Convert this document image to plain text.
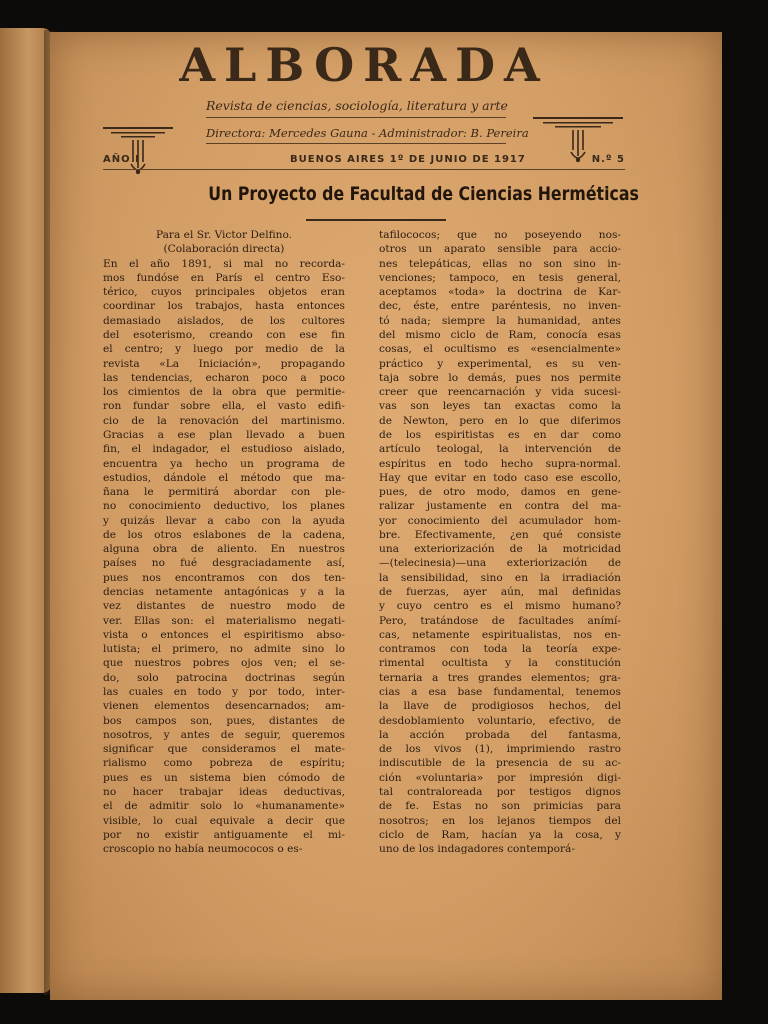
ALBORADA
Revista de ciencias, sociología, literatura y arte
Directora: Mercedes Gauna - Administrador: B. Pereira
AÑO I	BUENOS AIRES 1º DE JUNIO DE 1917	N.º 5
Un Proyecto de Facultad de Ciencias Herméticas
Para el Sr. Victor Delfino.
(Colaboración directa)
En el año 1891, si mal no recorda-
mos fundóse en París el centro Eso-
térico, cuyos principales objetos eran
coordinar los trabajos, hasta entonces
demasiado aislados, de los cultores
del esoterismo, creando con ese fin
el centro; y luego por medio de la
revista «La Iniciación», propagando
las tendencias, echaron poco a poco
los cimientos de la obra que permitie-
ron fundar sobre ella, el vasto edifi-
cio de la renovación del martinismo.
Gracias a ese plan llevado a buen
fin, el indagador, el estudioso aislado,
encuentra ya hecho un programa de
estudios, dándole el método que ma-
ñana le permitirá abordar con ple-
no conocimiento deductivo, los planes
y quizás llevar a cabo con la ayuda
de los otros eslabones de la cadena,
alguna obra de aliento. En nuestros
países no fué desgraciadamente así,
pues nos encontramos con dos ten-
dencias netamente antagónicas y a la
vez distantes de nuestro modo de
ver. Ellas son: el materialismo negati-
vista o entonces el espiritismo abso-
lutista; el primero, no admite sino lo
que nuestros pobres ojos ven; el se-
do, solo patrocina doctrinas según
las cuales en todo y por todo, inter-
vienen elementos desencarnados; am-
bos campos son, pues, distantes de
nosotros, y antes de seguir, queremos
significar que consideramos el mate-
rialismo como pobreza de espíritu;
pues es un sistema bien cómodo de
no hacer trabajar ideas deductivas,
el de admitir solo lo «humanamente»
visible, lo cual equivale a decir que
por no existir antiguamente el mi-
croscopio no había neumococos o es-
tafilococos; que no poseyendo nos-
otros un aparato sensible para accio-
nes telepáticas, ellas no son sino in-
venciones; tampoco, en tesis general,
aceptamos «toda» la doctrina de Kar-
dec, éste, entre paréntesis, no inven-
tó nada; siempre la humanidad, antes
del mismo ciclo de Ram, conocía esas
cosas, el ocultismo es «esencialmente»
práctico y experimental, es su ven-
taja sobre lo demás, pues nos permite
creer que reencarnación y vida sucesi-
vas son leyes tan exactas como la
de Newton, pero en lo que diferimos
de los espiritistas es en dar como
artículo teologal, la intervención de
espíritus en todo hecho supra-normal.
Hay que evitar en todo caso ese escollo,
pues, de otro modo, damos en gene-
ralizar justamente en contra del ma-
yor conocimiento del acumulador hom-
bre. Efectivamente, ¿en qué consiste
una exteriorización de la motricidad
—(telecinesia)—una exteriorización de
la sensibilidad, sino en la irradiación
de fuerzas, ayer aún, mal definidas
y cuyo centro es el mismo humano?
Pero, tratándose de facultades anímí-
cas, netamente espiritualistas, nos en-
contramos con toda la teoría expe-
rimental ocultista y la constitución
ternaria a tres grandes elementos; gra-
cias a esa base fundamental, tenemos
la llave de prodigiosos hechos, del
desdoblamiento voluntario, efectivo, de
la acción probada del fantasma,
de los vivos (1), imprimiendo rastro
indiscutible de la presencia de su ac-
ción «voluntaria» por impresión digi-
tal contraloreada por testigos dignos
de fe. Estas no son primicias para
nosotros; en los lejanos tiempos del
ciclo de Ram, hacían ya la cosa, y
uno de los indagadores contemporá-
